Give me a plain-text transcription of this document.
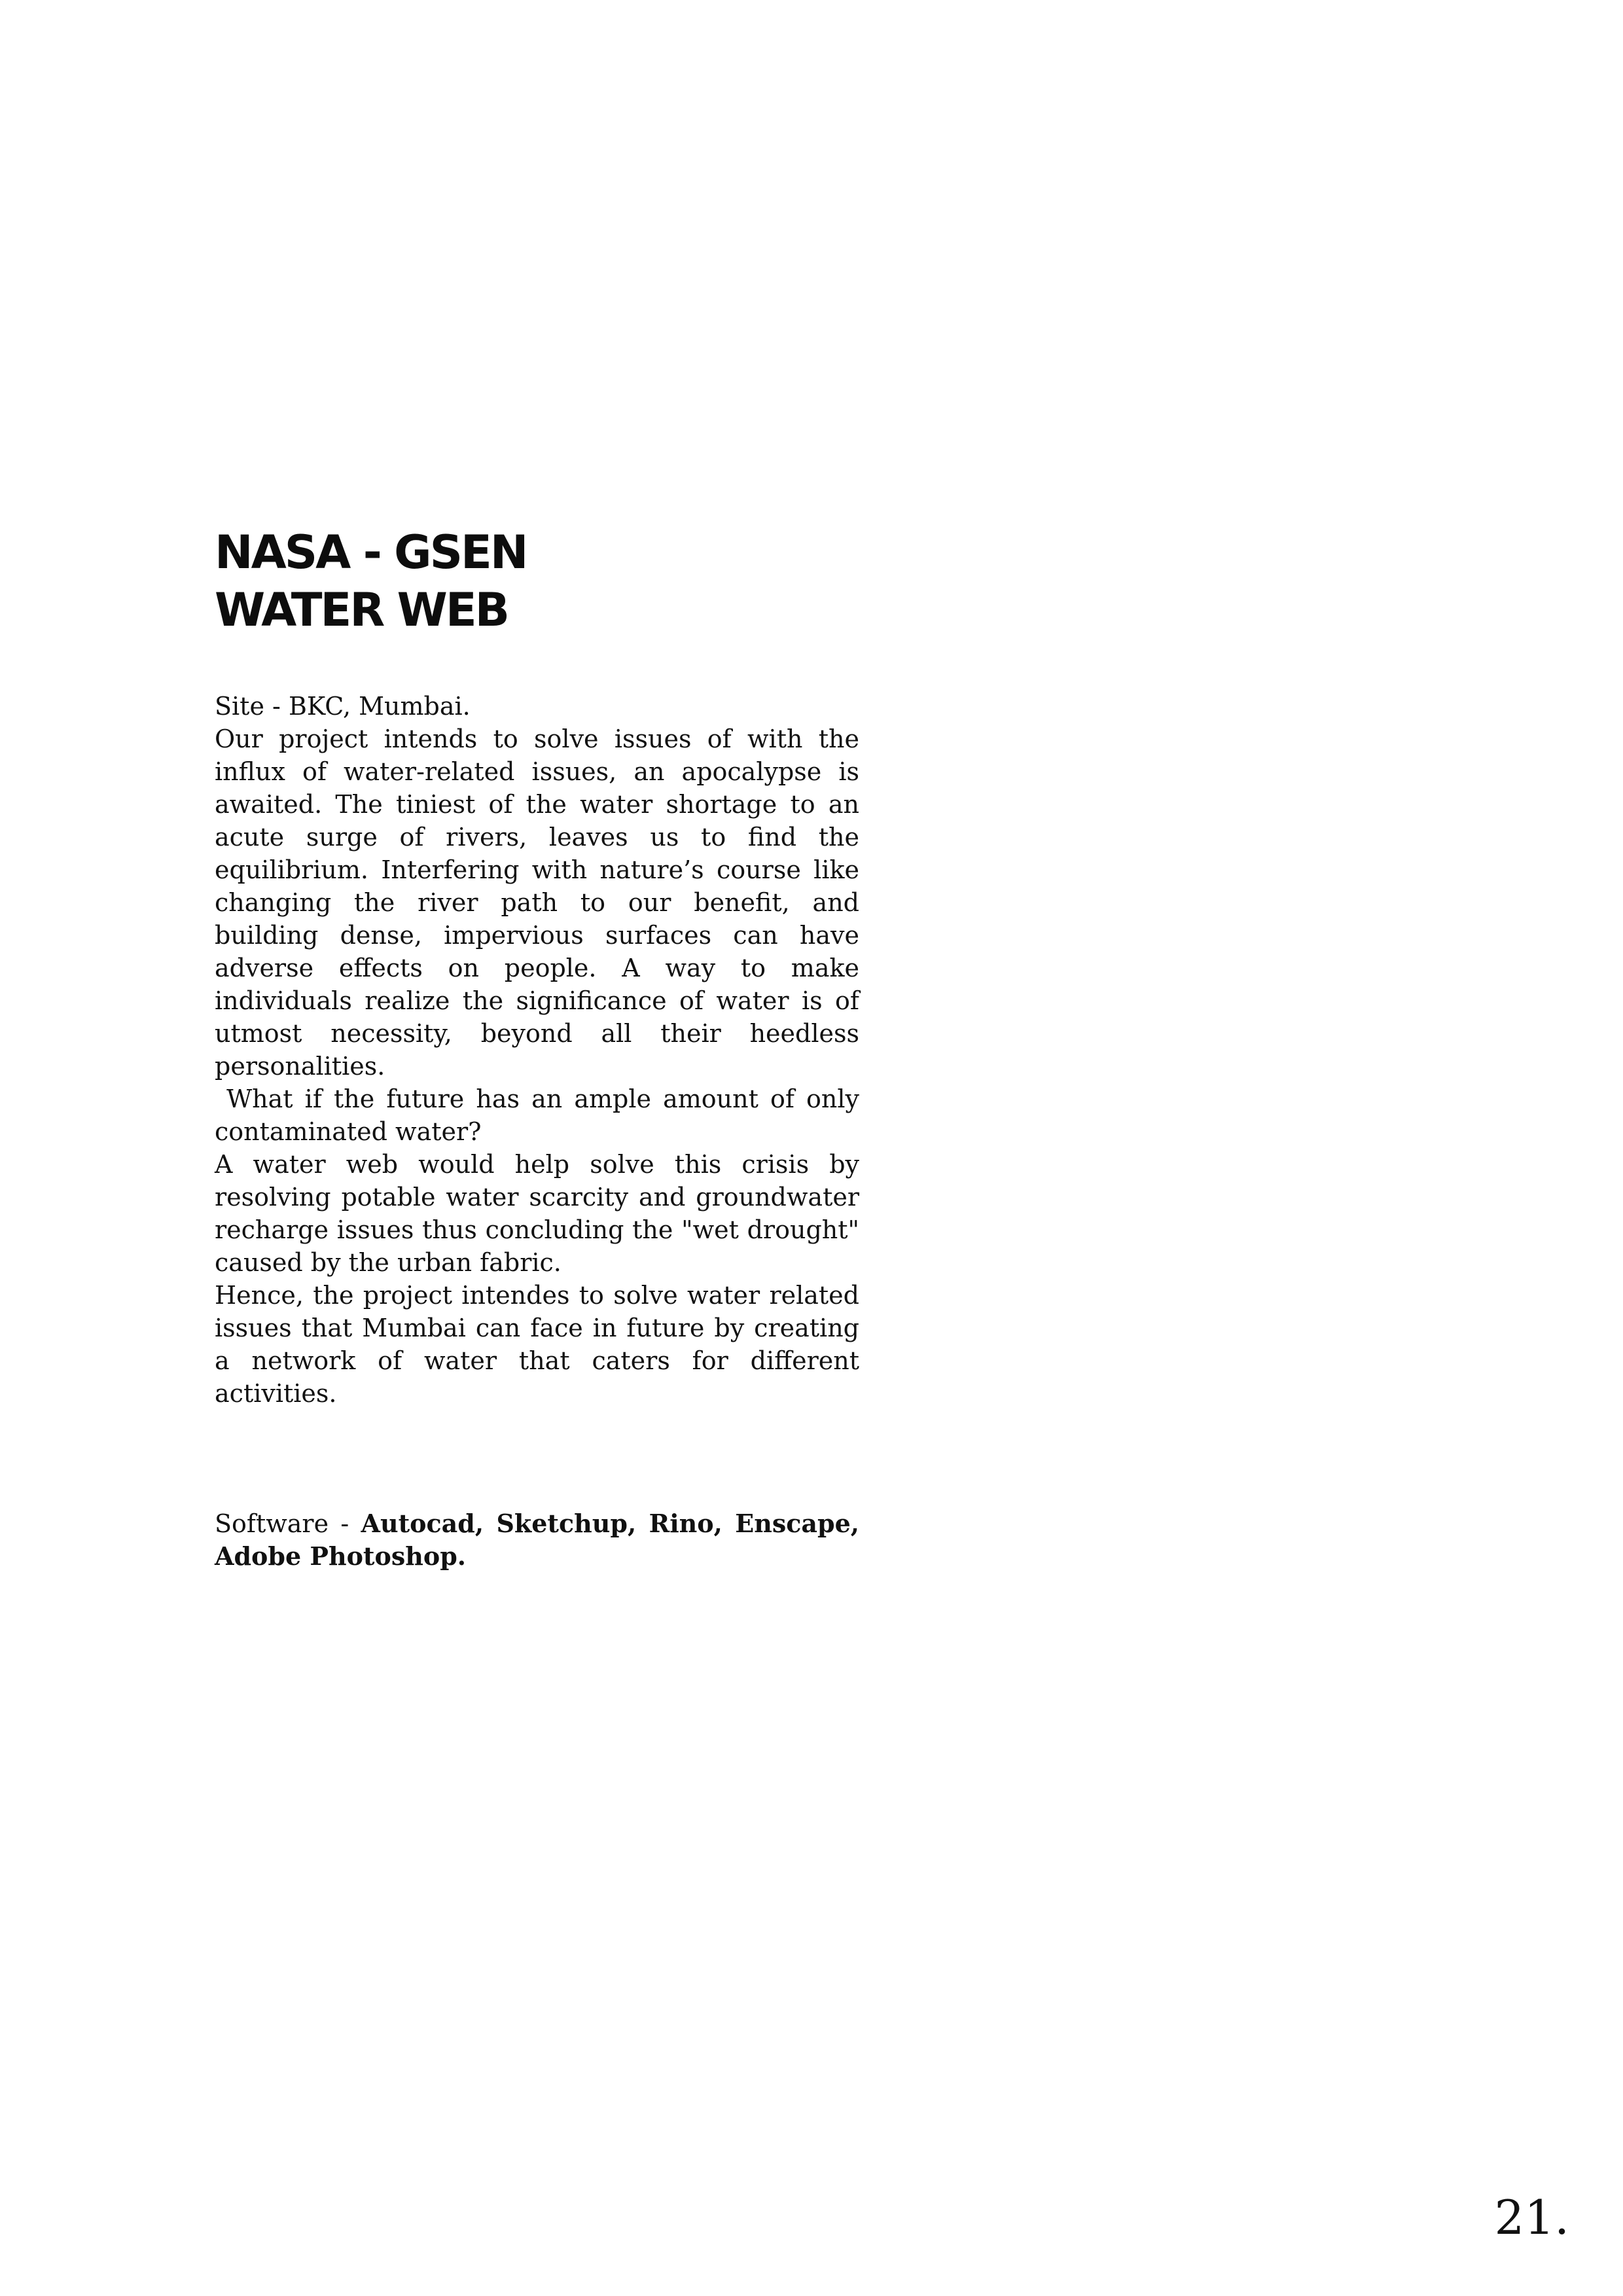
NASA - GSEN
WATER WEB

Site - BKC, Mumbai.

Our project intends to solve issues of with the influx of water-related issues, an apocalypse is awaited. The tiniest of the water shortage to an acute surge of rivers, leaves us to find the equilibrium. Interfering with nature’s course like changing the river path to our benefit, and building dense, impervious surfaces can have adverse effects on people. A way to make individuals realize the significance of water is of utmost necessity, beyond all their heedless personalities.

What if the future has an ample amount of only contaminated water?

A water web would help solve this crisis by resolving potable water scarcity and groundwater recharge issues thus concluding the "wet drought" caused by the urban fabric.

Hence, the project intendes to solve water related issues that Mumbai can face in future by creating a network of water that caters for different activities.

Software - Autocad, Sketchup, Rino, Enscape, Adobe Photoshop.

21.
